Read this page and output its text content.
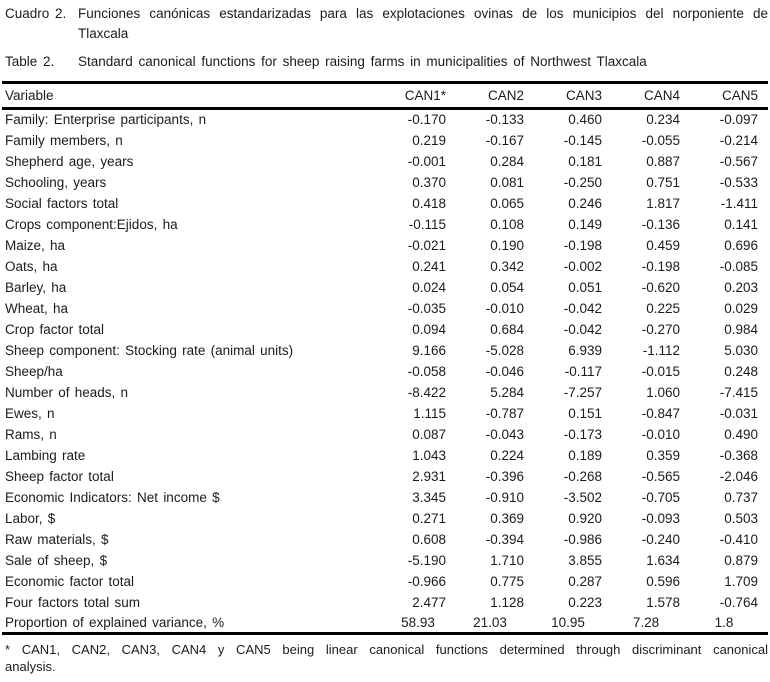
Cuadro 2. Funciones canónicas estandarizadas para las explotaciones ovinas de los municipios del norponiente de
Tlaxcala
Table 2.	Standard canonical functions for sheep raising farms in municipalities of Northwest Tlaxcala
Variable	CAN1*	CAN2	CAN3	CAN4	CAN5
Family: Enterprise participants, n	-0.170	-0.133	0.460	0.234	-0.097
Family members, n	0.219	-0.167	-0.145	-0.055	-0.214
Shepherd age, years	-0.001	0.284	0.181	0.887	-0.567
Schooling, years	0.370	0.081	-0.250	0.751	-0.533
Social factors total	0.418	0.065	0.246	1.817	-1.411
Crops component:Ejidos, ha	-0.115	0.108	0.149	-0.136	0.141
Maize, ha	-0.021	0.190	-0.198	0.459	0.696
Oats, ha	0.241	0.342	-0.002	-0.198	-0.085
Barley, ha	0.024	0.054	0.051	-0.620	0.203
Wheat, ha	-0.035	-0.010	-0.042	0.225	0.029
Crop factor total	0.094	0.684	-0.042	-0.270	0.984
Sheep component: Stocking rate (animal units)	9.166	-5.028	6.939	-1.112	5.030
Sheep/ha	-0.058	-0.046	-0.117	-0.015	0.248
Number of heads, n	-8.422	5.284	-7.257	1.060	-7.415
Ewes, n	1.115	-0.787	0.151	-0.847	-0.031
Rams, n	0.087	-0.043	-0.173	-0.010	0.490
Lambing rate	1.043	0.224	0.189	0.359	-0.368
Sheep factor total	2.931	-0.396	-0.268	-0.565	-2.046
Economic Indicators: Net income $	3.345	-0.910	-3.502	-0.705	0.737
Labor, $	0.271	0.369	0.920	-0.093	0.503
Raw materials, $	0.608	-0.394	-0.986	-0.240	-0.410
Sale of sheep, $	-5.190	1.710	3.855	1.634	0.879
Economic factor total	-0.966	0.775	0.287	0.596	1.709
Four factors total sum	2.477	1.128	0.223	1.578	-0.764
Proportion of explained variance, %	58.93	21.03	10.95	7.28	1.8
* CAN1, CAN2, CAN3, CAN4 y CAN5 being linear canonical functions determined through discriminant canonical
analysis.
